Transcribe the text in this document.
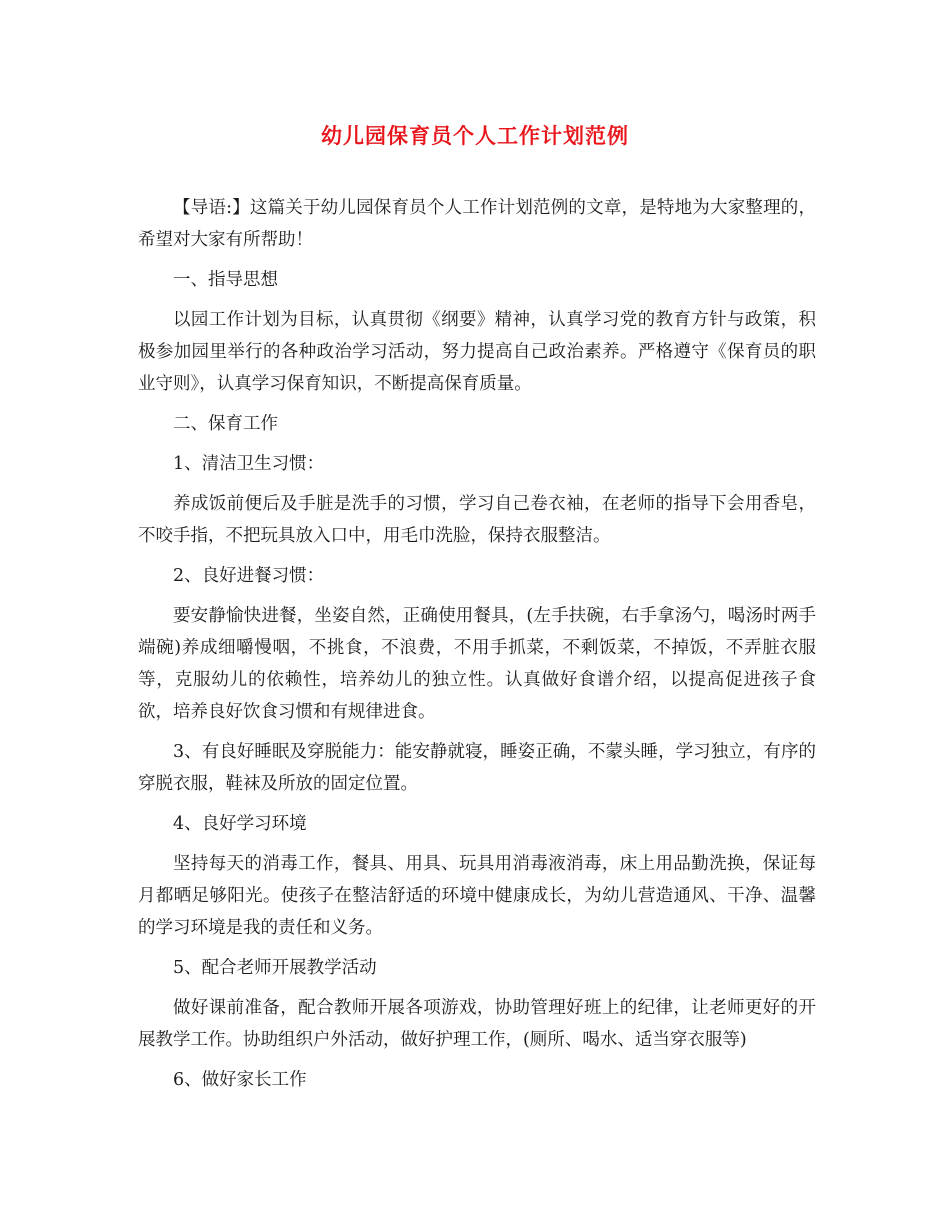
幼儿园保育员个人工作计划范例

【导语:】这篇关于幼儿园保育员个人工作计划范例的文章，是特地为大家整理的，希望对大家有所帮助！

一、指导思想

以园工作计划为目标，认真贯彻《纲要》精神，认真学习党的教育方针与政策，积极参加园里举行的各种政治学习活动，努力提高自己政治素养。严格遵守《保育员的职业守则》，认真学习保育知识，不断提高保育质量。

二、保育工作

1、清洁卫生习惯：

养成饭前便后及手脏是洗手的习惯，学习自己卷衣袖，在老师的指导下会用香皂，不咬手指，不把玩具放入口中，用毛巾洗脸，保持衣服整洁。

2、良好进餐习惯：

要安静愉快进餐，坐姿自然，正确使用餐具，(左手扶碗，右手拿汤勺，喝汤时两手端碗)养成细嚼慢咽，不挑食，不浪费，不用手抓菜，不剩饭菜，不掉饭，不弄脏衣服等，克服幼儿的依赖性，培养幼儿的独立性。认真做好食谱介绍，以提高促进孩子食欲，培养良好饮食习惯和有规律进食。

3、有良好睡眠及穿脱能力：能安静就寝，睡姿正确，不蒙头睡，学习独立，有序的穿脱衣服，鞋袜及所放的固定位置。

4、良好学习环境

坚持每天的消毒工作，餐具、用具、玩具用消毒液消毒，床上用品勤洗换，保证每月都晒足够阳光。使孩子在整洁舒适的环境中健康成长，为幼儿营造通风、干净、温馨的学习环境是我的责任和义务。

5、配合老师开展教学活动

做好课前准备，配合教师开展各项游戏，协助管理好班上的纪律，让老师更好的开展教学工作。协助组织户外活动，做好护理工作，(厕所、喝水、适当穿衣服等)

6、做好家长工作
